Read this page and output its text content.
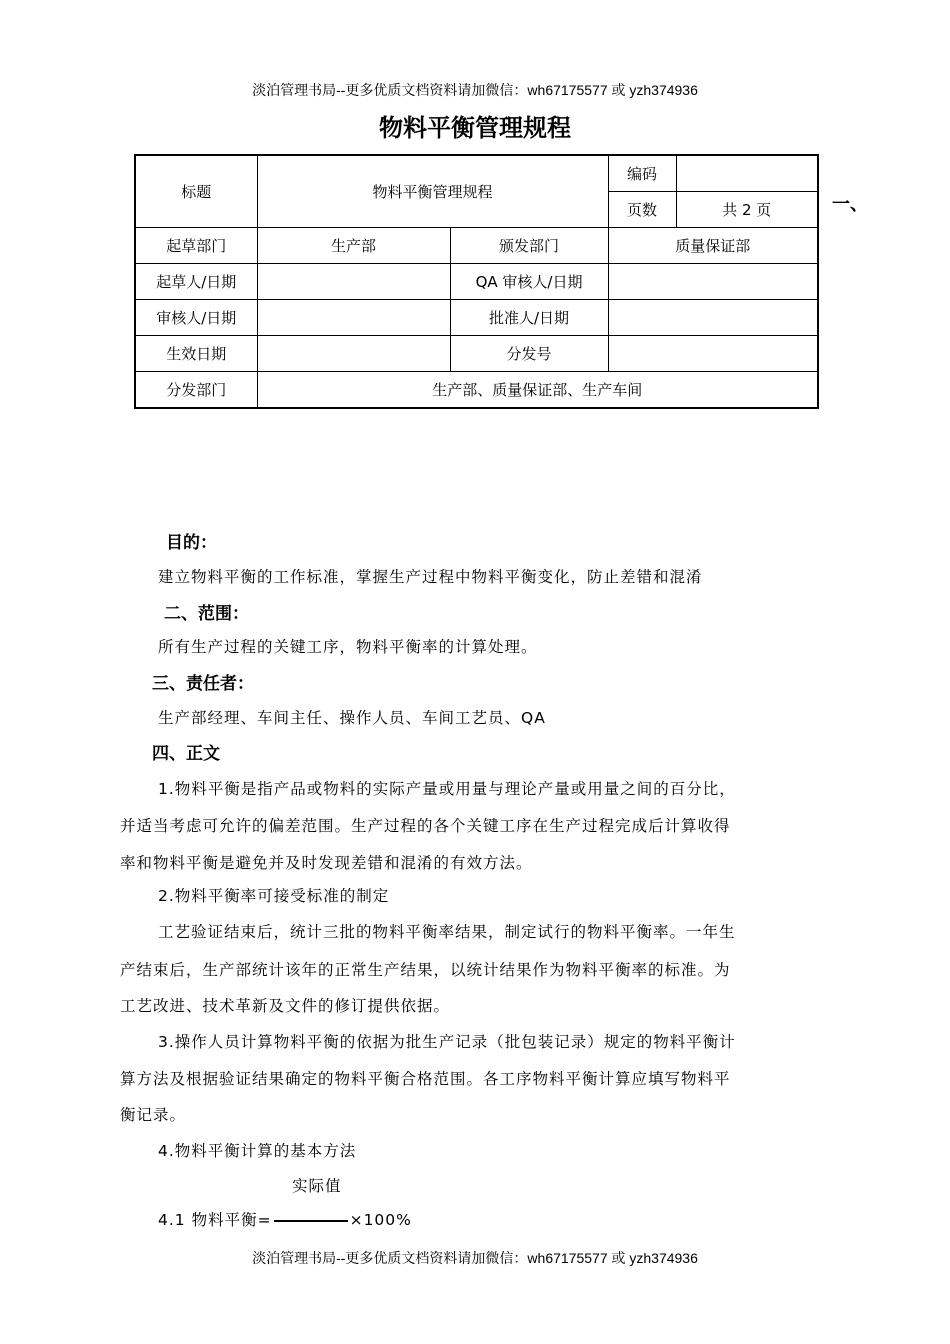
淡泊管理书局--更多优质文档资料请加微信：wh67175577 或 yzh374936
物料平衡管理规程
标题	物料平衡管理规程		编码	
			页数	共 2 页
起草部门	生产部	颁发部门	质量保证部	
起草人/日期		QA 审核人/日期		
审核人/日期		批准人/日期		
生效日期		分发号		
分发部门	生产部、质量保证部、生产车间			
一、
目的：
建立物料平衡的工作标准，掌握生产过程中物料平衡变化，防止差错和混淆
二、范围：
所有生产过程的关键工序，物料平衡率的计算处理。
三、责任者：
生产部经理、车间主任、操作人员、车间工艺员、QA
四、正文
1.物料平衡是指产品或物料的实际产量或用量与理论产量或用量之间的百分比，
并适当考虑可允许的偏差范围。生产过程的各个关键工序在生产过程完成后计算收得
率和物料平衡是避免并及时发现差错和混淆的有效方法。
2.物料平衡率可接受标准的制定
工艺验证结束后，统计三批的物料平衡率结果，制定试行的物料平衡率。一年生
产结束后，生产部统计该年的正常生产结果，以统计结果作为物料平衡率的标准。为
工艺改进、技术革新及文件的修订提供依据。
3.操作人员计算物料平衡的依据为批生产记录（批包装记录）规定的物料平衡计
算方法及根据验证结果确定的物料平衡合格范围。各工序物料平衡计算应填写物料平
衡记录。
4.物料平衡计算的基本方法
实际值
4.1 物料平衡=	×100%
淡泊管理书局--更多优质文档资料请加微信：wh67175577 或 yzh374936
